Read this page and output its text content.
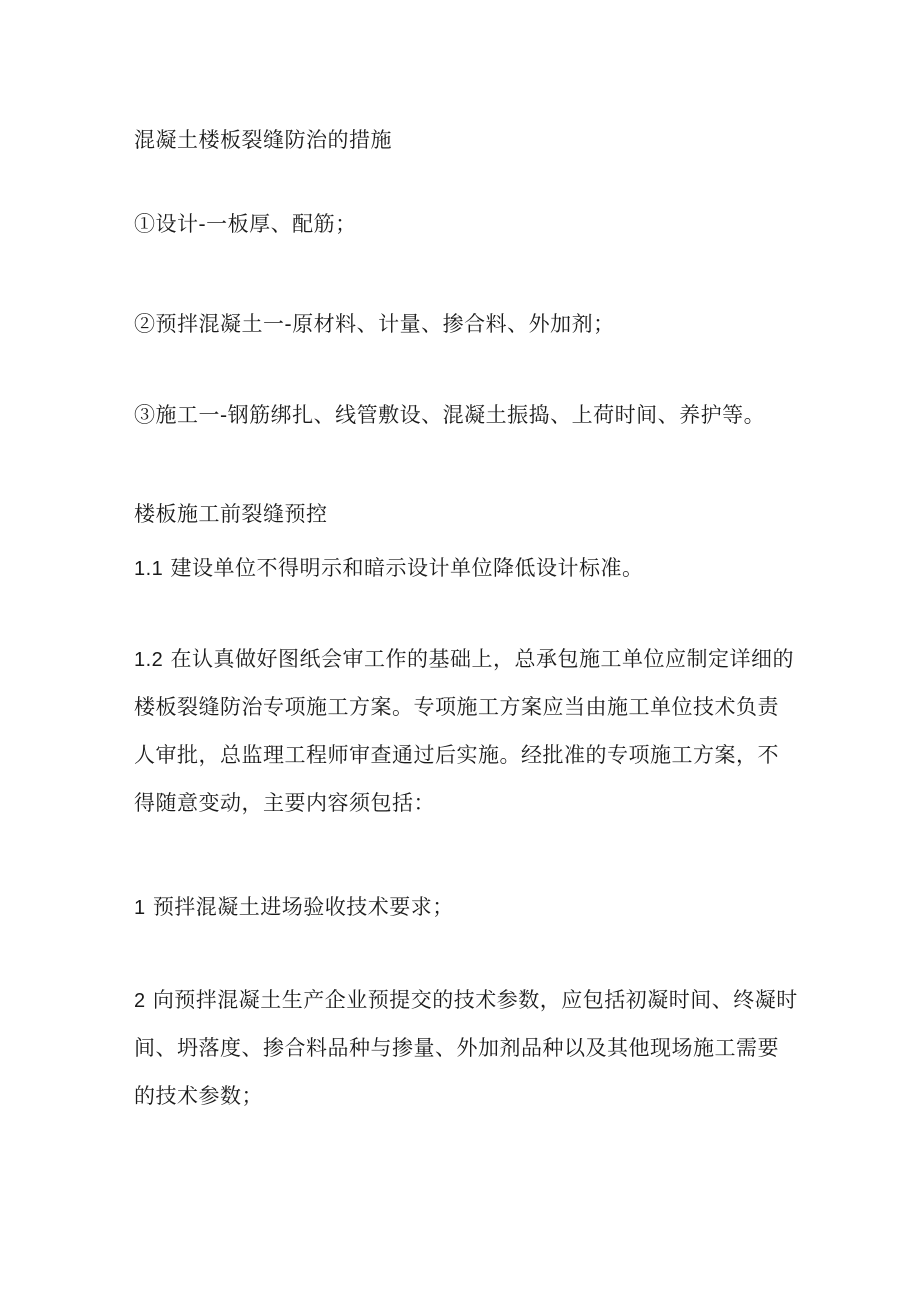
混凝土楼板裂缝防治的措施

①设计-一板厚、配筋；

②预拌混凝土一-原材料、计量、掺合料、外加剂；

③施工一-钢筋绑扎、线管敷设、混凝土振捣、上荷时间、养护等。

楼板施工前裂缝预控

1.1 建设单位不得明示和暗示设计单位降低设计标准。

1.2 在认真做好图纸会审工作的基础上，总承包施工单位应制定详细的

楼板裂缝防治专项施工方案。专项施工方案应当由施工单位技术负责

人审批，总监理工程师审查通过后实施。经批准的专项施工方案，不

得随意变动，主要内容须包括：

1 预拌混凝土进场验收技术要求；

2 向预拌混凝土生产企业预提交的技术参数，应包括初凝时间、终凝时

间、坍落度、掺合料品种与掺量、外加剂品种以及其他现场施工需要

的技术参数；
